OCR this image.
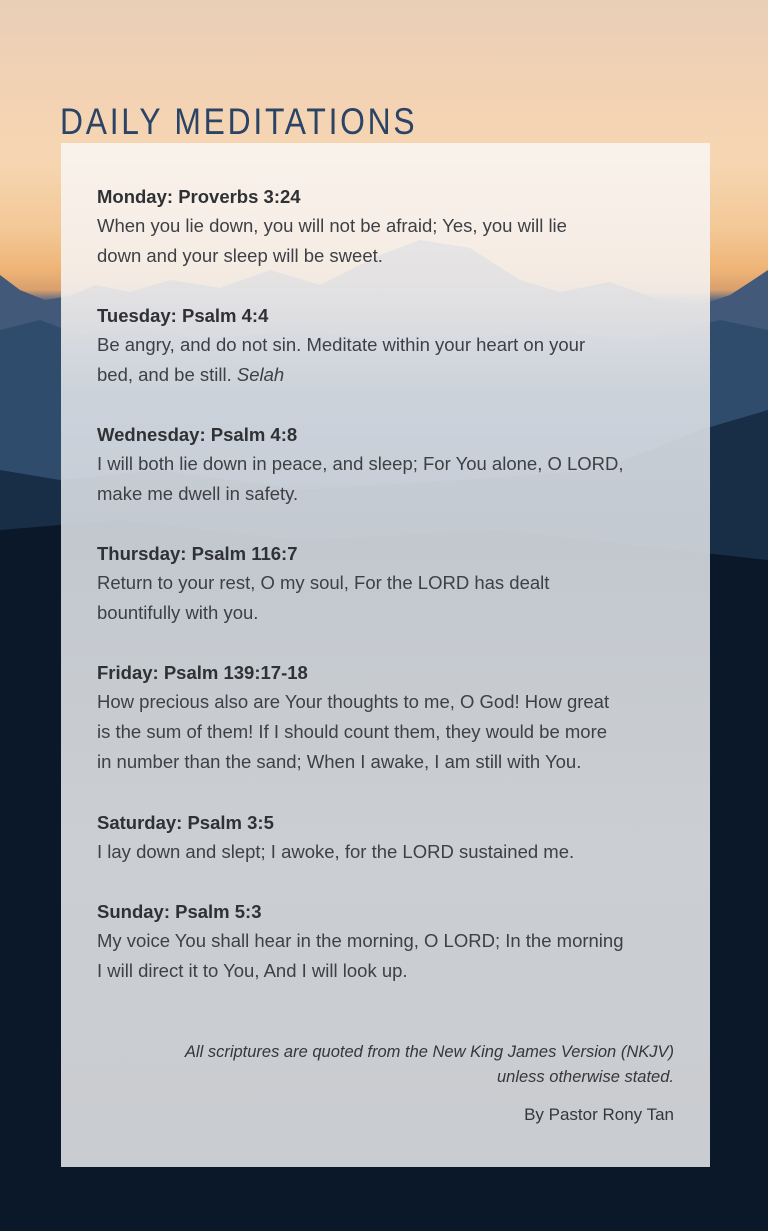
DAILY MEDITATIONS
Monday: Proverbs 3:24

When you lie down, you will not be afraid; Yes, you will lie
down and your sleep will be sweet.

Tuesday: Psalm 4:4

Be angry, and do not sin. Meditate within your heart on your
bed, and be still. Selah

Wednesday: Psalm 4:8

I will both lie down in peace, and sleep; For You alone, O LORD,
make me dwell in safety.

Thursday: Psalm 116:7

Return to your rest, O my soul, For the LORD has dealt
bountifully with you.

Friday: Psalm 139:17-18

How precious also are Your thoughts to me, O God! How great
is the sum of them! If I should count them, they would be more
in number than the sand; When I awake, I am still with You.

Saturday: Psalm 3:5

I lay down and slept; I awoke, for the LORD sustained me.

Sunday: Psalm 5:3

My voice You shall hear in the morning, O LORD; In the morning
I will direct it to You, And I will look up.

All scriptures are quoted from the New King James Version (NKJV)
unless otherwise stated.
By Pastor Rony Tan
